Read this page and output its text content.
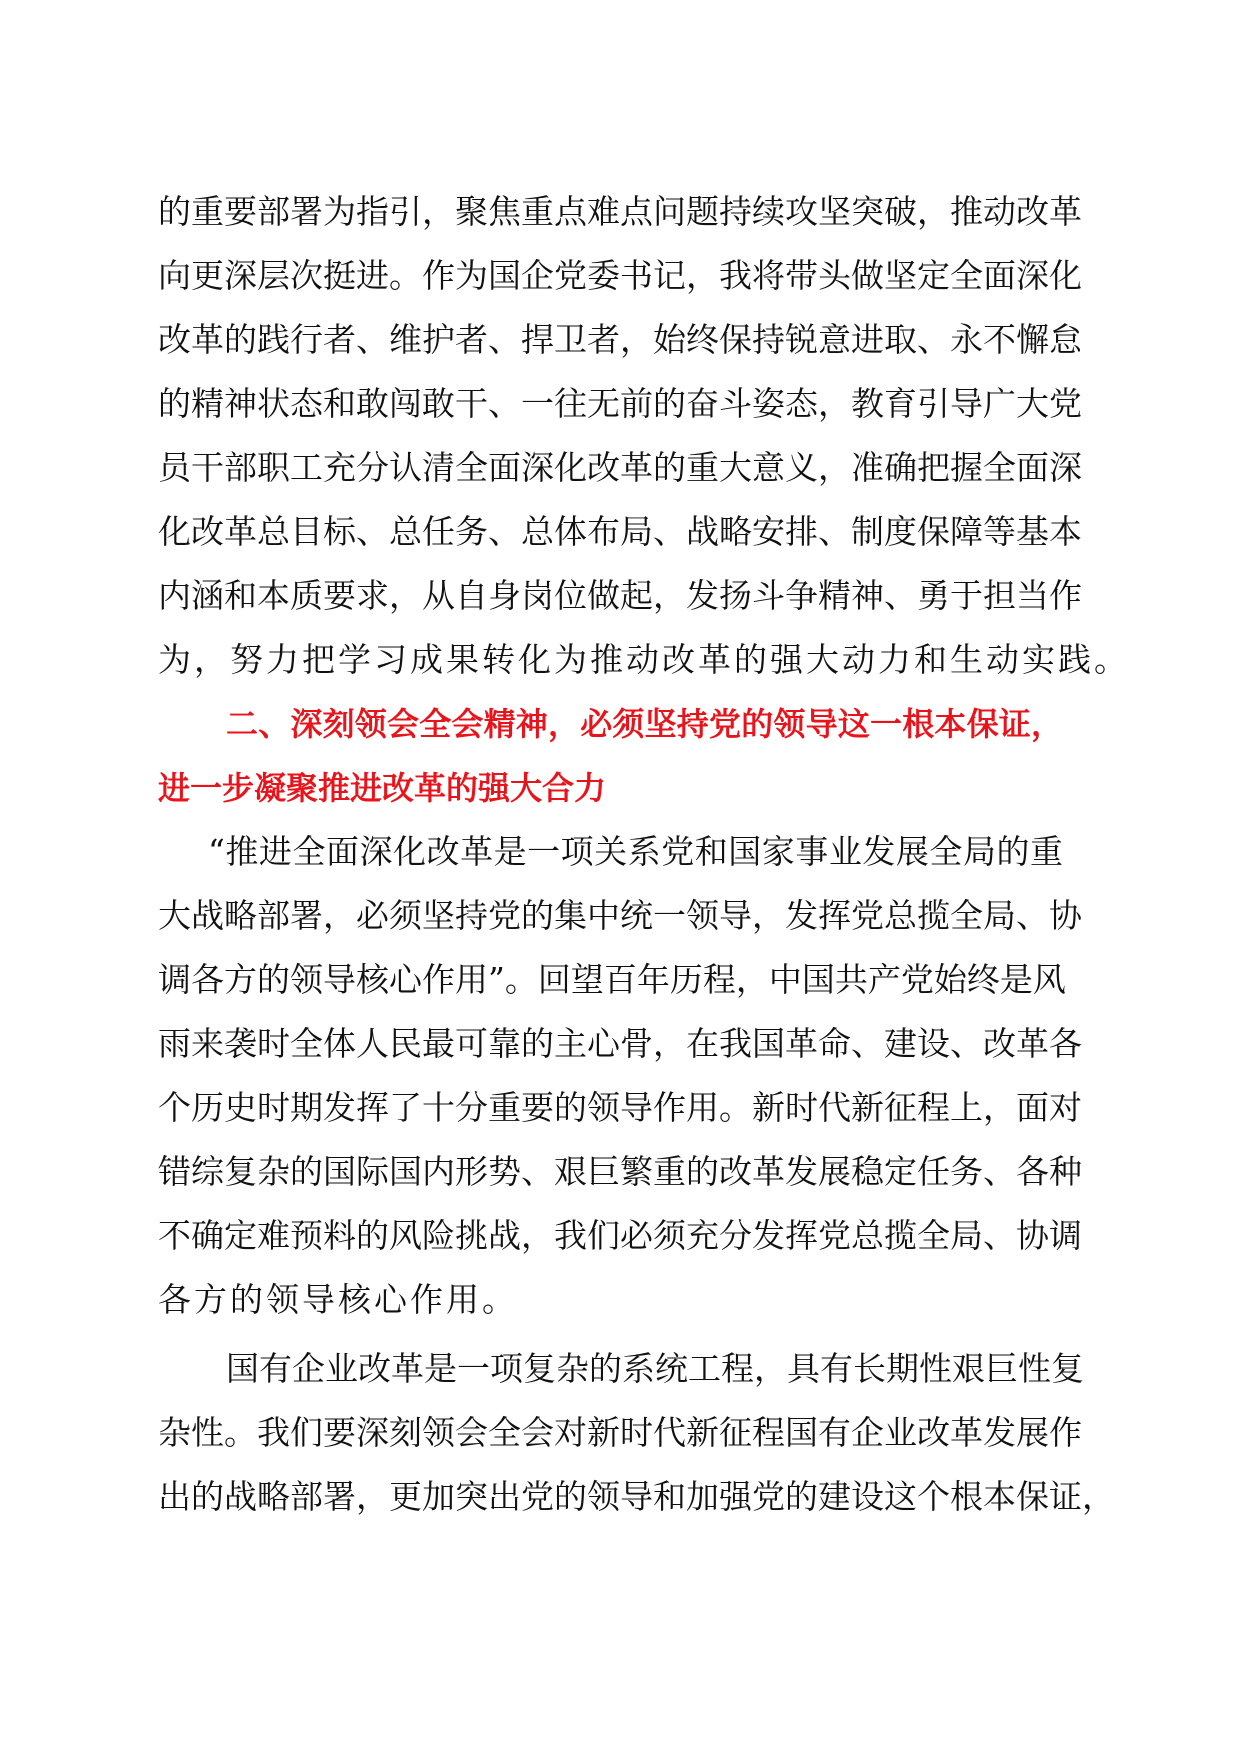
的重要部署为指引，聚焦重点难点问题持续攻坚突破，推动改革
向更深层次挺进。作为国企党委书记，我将带头做坚定全面深化
改革的践行者、维护者、捍卫者，始终保持锐意进取、永不懈怠
的精神状态和敢闯敢干、一往无前的奋斗姿态，教育引导广大党
员干部职工充分认清全面深化改革的重大意义，准确把握全面深
化改革总目标、总任务、总体布局、战略安排、制度保障等基本
内涵和本质要求，从自身岗位做起，发扬斗争精神、勇于担当作
为，努力把学习成果转化为推动改革的强大动力和生动实践。
二、深刻领会全会精神，必须坚持党的领导这一根本保证，
进一步凝聚推进改革的强大合力
“推进全面深化改革是一项关系党和国家事业发展全局的重
大战略部署，必须坚持党的集中统一领导，发挥党总揽全局、协
调各方的领导核心作用”。回望百年历程，中国共产党始终是风
雨来袭时全体人民最可靠的主心骨，在我国革命、建设、改革各
个历史时期发挥了十分重要的领导作用。新时代新征程上，面对
错综复杂的国际国内形势、艰巨繁重的改革发展稳定任务、各种
不确定难预料的风险挑战，我们必须充分发挥党总揽全局、协调
各方的领导核心作用。
国有企业改革是一项复杂的系统工程，具有长期性艰巨性复
杂性。我们要深刻领会全会对新时代新征程国有企业改革发展作
出的战略部署，更加突出党的领导和加强党的建设这个根本保证，
